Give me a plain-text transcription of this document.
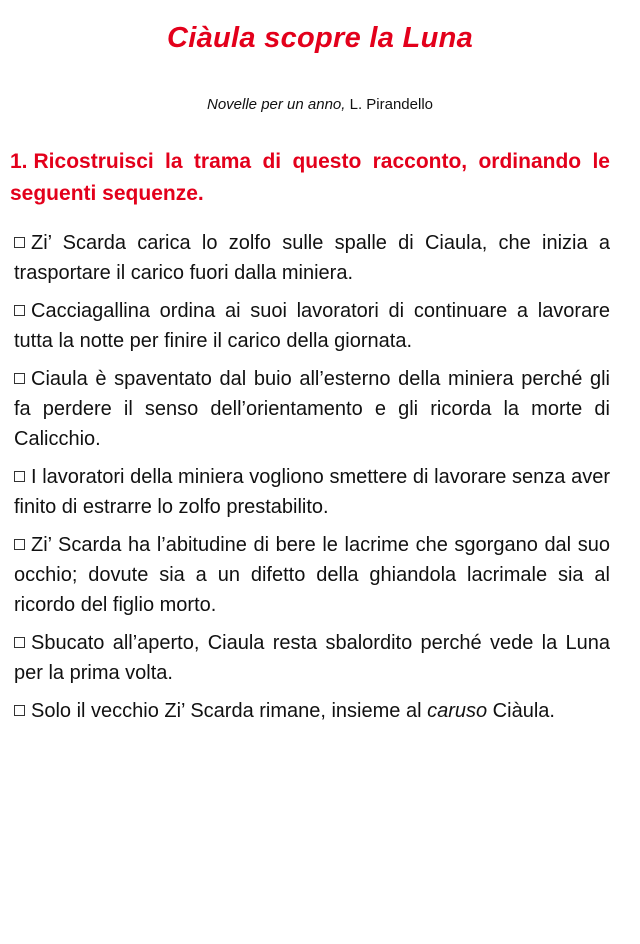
Ciàula scopre la Luna
Novelle per un anno, L. Pirandello
1. Ricostruisci la trama di questo racconto, ordinando le seguenti sequenze.
Zi’ Scarda carica lo zolfo sulle spalle di Ciaula, che inizia a trasportare il carico fuori dalla miniera.
Cacciagallina ordina ai suoi lavoratori di continuare a lavorare tutta la notte per finire il carico della giornata.
Ciaula è spaventato dal buio all’esterno della miniera perché gli fa perdere il senso dell’orientamento e gli ricorda la morte di Calicchio.
I lavoratori della miniera vogliono smettere di lavorare senza aver finito di estrarre lo zolfo prestabilito.
Zi’ Scarda ha l’abitudine di bere le lacrime che sgorgano dal suo occhio; dovute sia a un difetto della ghiandola lacrimale sia al ricordo del figlio morto.
Sbucato all’aperto, Ciaula resta sbalordito perché vede la Luna per la prima volta.
Solo il vecchio Zi’ Scarda rimane, insieme al caruso Ciàula.
